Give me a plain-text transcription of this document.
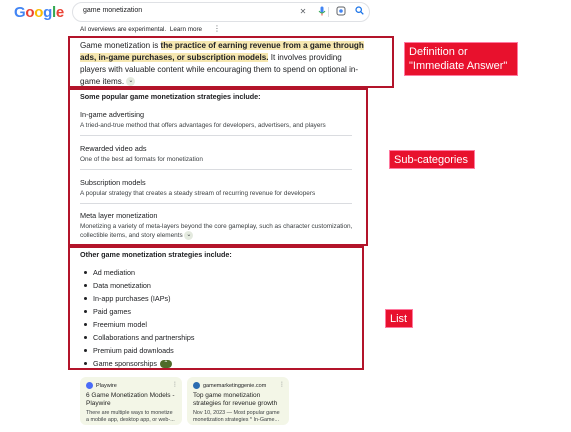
Google	game monetization	✕
AI overviews are experimental. Learn more ⋮
Game monetization is the practice of earning revenue from a game through ads, in-game purchases, or subscription models. It involves providing players with valuable content while encouraging them to spend on optional in-game items. ⌄
Definition or "Immediate Answer"
Some popular game monetization strategies include:
In-game advertising
A tried-and-true method that offers advantages for developers, advertisers, and players
Rewarded video ads
One of the best ad formats for monetization
Subscription models
A popular strategy that creates a steady stream of recurring revenue for developers
Meta layer monetization
Monetizing a variety of meta-layers beyond the core gameplay, such as character customization, collectible items, and story elements ⌄
Sub-categories
Other game monetization strategies include:
Ad mediation
Data monetization
In-app purchases (IAPs)
Paid games
Freemium model
Collaborations and partnerships
Premium paid downloads
Game sponsorships ⌃
List
Playwire	⋮
6 Game Monetization Models - Playwire
There are multiple ways to monetize a mobile app, desktop app, or web-...
gamemarketinggenie.com ⋮
Top game monetization strategies for revenue growth
Nov 10, 2023 — Most popular game monetization strategies * In-Game...
